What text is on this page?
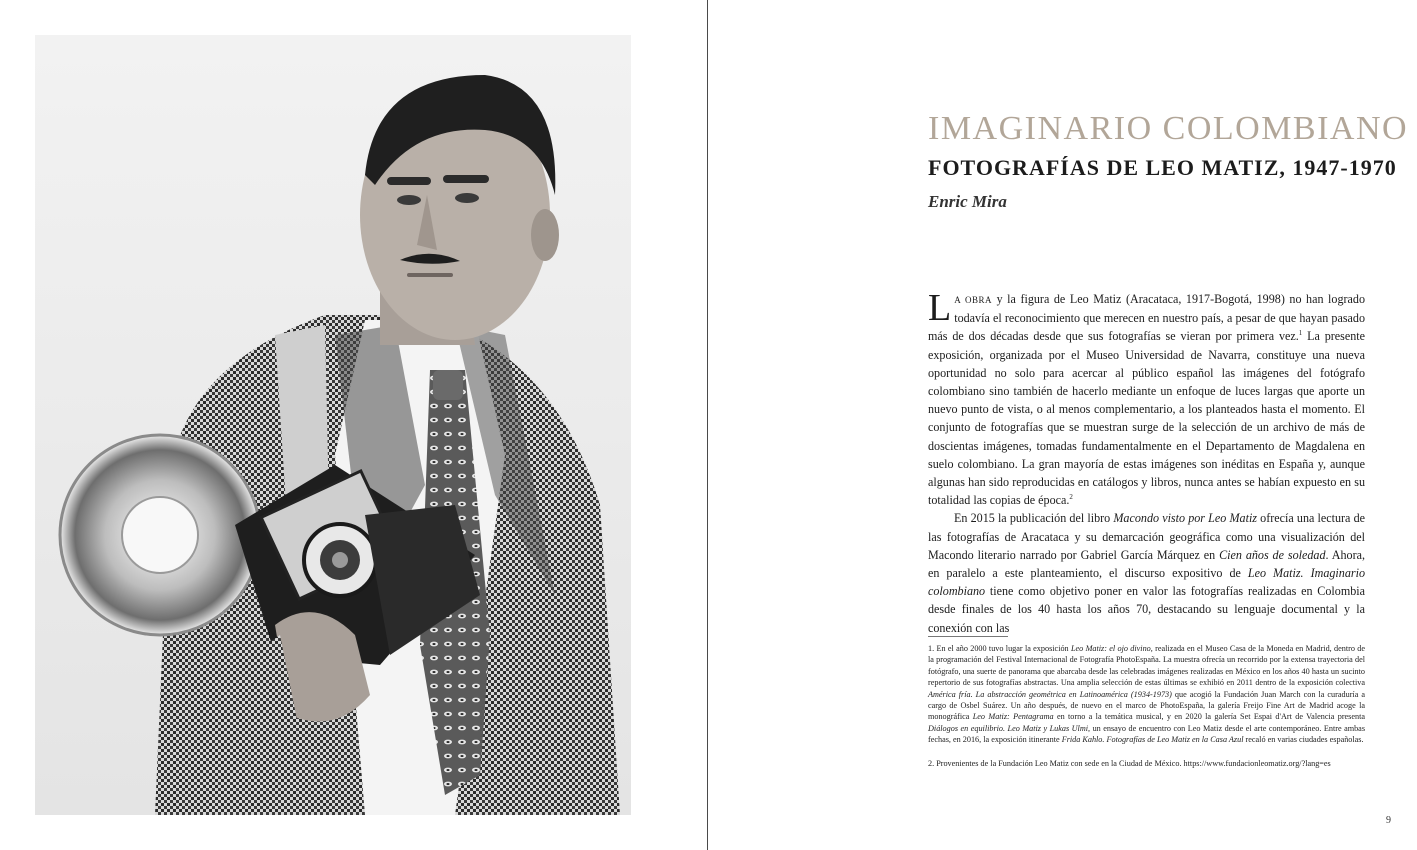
IMAGINARIO COLOMBIANO
FOTOGRAFÍAS DE LEO MATIZ, 1947-1970

Enric Mira

LA OBRA y la figura de Leo Matiz (Aracataca, 1917-Bogotá, 1998) no han logrado todavía el reconocimiento que merecen en nuestro país, a pesar de que hayan pasado más de dos décadas desde que sus fotografías se vieran por primera vez.$^1$ La presente exposición, organizada por el Museo Universidad de Navarra, constituye una nueva oportunidad no solo para acercar al público español las imágenes del fotógrafo colombiano sino también de hacerlo mediante un enfoque de luces largas que aporte un nuevo punto de vista, o al menos complementario, a los planteados hasta el momento. El conjunto de fotografías que se muestran surge de la selección de un archivo de más de doscientas imágenes, tomadas fundamentalmente en el Departamento de Magdalena en suelo colombiano. La gran mayoría de estas imágenes son inéditas en España y, aunque algunas han sido reproducidas en catálogos y libros, nunca antes se habían expuesto en su totalidad las copias de época.$^2$

En 2015 la publicación del libro Macondo visto por Leo Matiz ofrecía una lectura de las fotografías de Aracataca y su demarcación geográfica como una visualización del Macondo literario narrado por Gabriel García Márquez en Cien años de soledad. Ahora, en paralelo a este planteamiento, el discurso expositivo de Leo Matiz. Imaginario colombiano tiene como objetivo poner en valor las fotografías realizadas en Colombia desde finales de los 40 hasta los años 70, destacando su lenguaje documental y la conexión con las

1. En el año 2000 tuvo lugar la exposición Leo Matiz: el ojo divino, realizada en el Museo Casa de la Moneda en Madrid, dentro de la programación del Festival Internacional de Fotografía PhotoEspaña. La muestra ofrecía un recorrido por la extensa trayectoria del fotógrafo, una suerte de panorama que abarcaba desde las celebradas imágenes realizadas en México en los años 40 hasta un sucinto repertorio de sus fotografías abstractas. Una amplia selección de estas últimas se exhibió en 2011 dentro de la exposición colectiva América fría. La abstracción geométrica en Latinoamérica (1934-1973) que acogió la Fundación Juan March con la curaduría a cargo de Osbel Suárez. Un año después, de nuevo en el marco de PhotoEspaña, la galería Freijo Fine Art de Madrid acoge la monográfica Leo Matiz: Pentagrama en torno a la temática musical, y en 2020 la galería Set Espai d'Art de Valencia presenta Diálogos en equilibrio. Leo Matiz y Lukas Ulmi, un ensayo de encuentro con Leo Matiz desde el arte contemporáneo. Entre ambas fechas, en 2016, la exposición itinerante Frida Kahlo. Fotografías de Leo Matiz en la Casa Azul recaló en varias ciudades españolas.

2. Provenientes de la Fundación Leo Matiz con sede en la Ciudad de México. https://www.fundacionleomatiz.org/?lang=es

9
